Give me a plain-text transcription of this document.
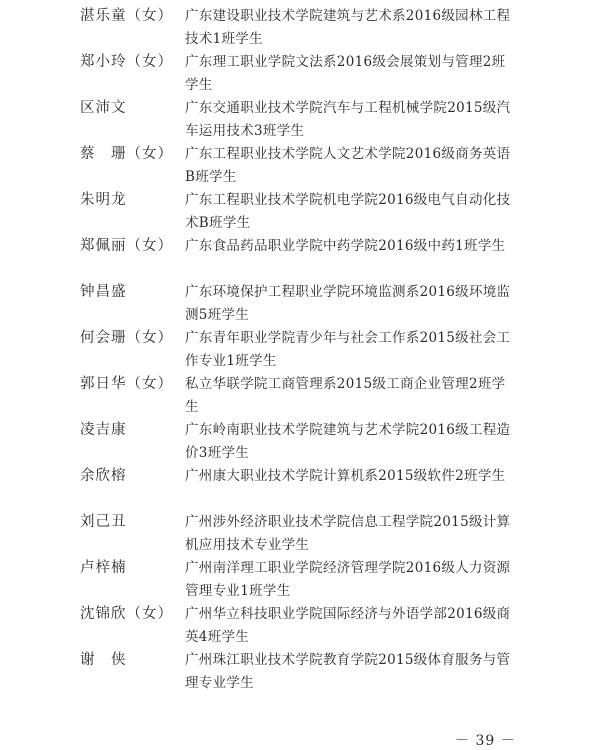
湛乐童（女） 广东建设职业技术学院建筑与艺术系2016级园林工程技术1班学生
郑小玲（女） 广东理工职业学院文法系2016级会展策划与管理2班学生
区沛文	广东交通职业技术学院汽车与工程机械学院2015级汽车运用技术3班学生
蔡　珊（女） 广东工程职业技术学院人文艺术学院2016级商务英语B班学生
朱明龙	广东工程职业技术学院机电学院2016级电气自动化技术B班学生
郑佩丽（女） 广东食品药品职业学院中药学院2016级中药1班学生
钟昌盛	广东环境保护工程职业学院环境监测系2016级环境监测5班学生
何会珊（女） 广东青年职业学院青少年与社会工作系2015级社会工作专业1班学生
郭日华（女） 私立华联学院工商管理系2015级工商企业管理2班学生
凌吉康	广东岭南职业技术学院建筑与艺术学院2016级工程造价3班学生
余欣榕	广州康大职业技术学院计算机系2015级软件2班学生
刘己丑	广州涉外经济职业技术学院信息工程学院2015级计算机应用技术专业学生
卢梓楠	广州南洋理工职业学院经济管理学院2016级人力资源管理专业1班学生
沈锦欣（女） 广州华立科技职业学院国际经济与外语学部2016级商英4班学生
谢　侠	广州珠江职业技术学院教育学院2015级体育服务与管理专业学生
－ 39 －
